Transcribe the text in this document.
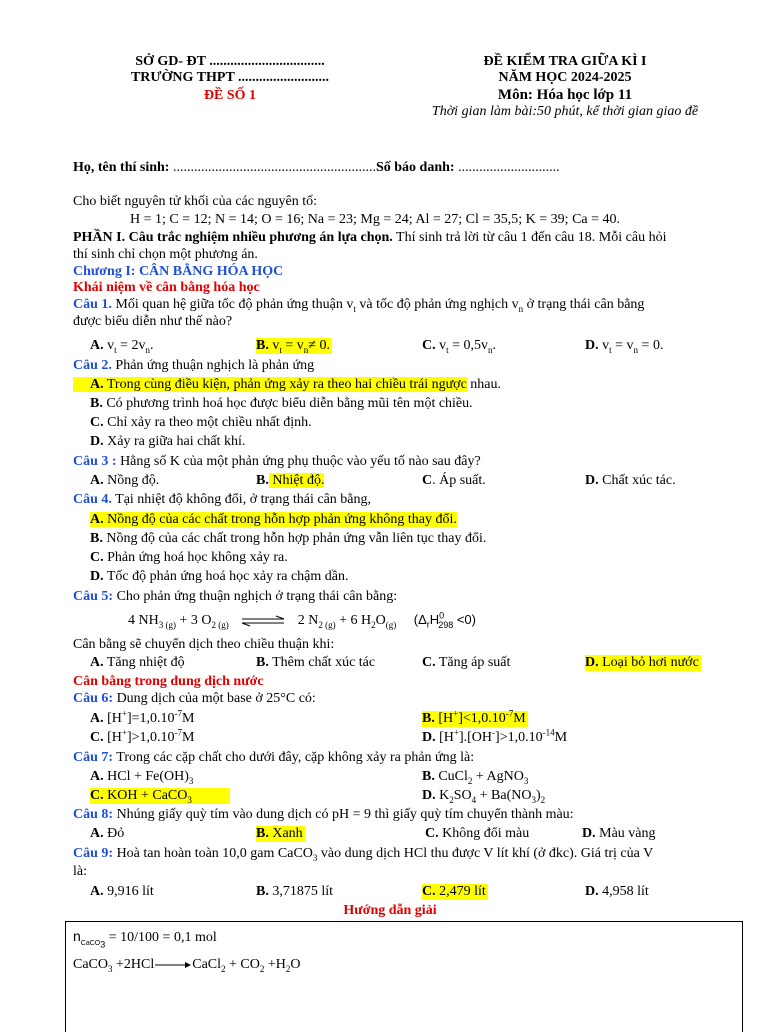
SỞ GD- ĐT .................................
TRƯỜNG THPT ..........................
ĐỀ SỐ 1
ĐỀ KIỂM TRA GIỮA KÌ I
NĂM HỌC 2024-2025
Môn: Hóa học lớp 11
Thời gian làm bài:50 phút, kể thời gian giao đề
Họ, tên thí sinh: ..........................................................Số báo danh: .............................
Cho biết nguyên tử khối của các nguyên tố:
H = 1; C = 12; N = 14; O = 16; Na = 23; Mg = 24; Al = 27; Cl = 35,5; K = 39; Ca = 40.
PHẦN I. Câu trắc nghiệm nhiều phương án lựa chọn. Thí sinh trả lời từ câu 1 đến câu 18. Mỗi câu hỏi
thí sinh chỉ chọn một phương án.
Chương I: CÂN BẰNG HÓA HỌC
Khái niệm về cân bằng hóa học
Câu 1. Mối quan hệ giữa tốc độ phản ứng thuận $v_t$ và tốc độ phản ứng nghịch $v_n$ ở trạng thái cân bằng
được biểu diễn như thế nào?
A. $v_t = 2v_n$.	B. $v_t = v_n\ne 0$.	C. $v_t = 0,5v_n$.	D. $v_t = v_n = 0$.
Câu 2. Phản ứng thuận nghịch là phản ứng
A. Trong cùng điều kiện, phản ứng xảy ra theo hai chiều trái ngược nhau.
B. Có phương trình hoá học được biểu diễn bằng mũi tên một chiều.
C. Chỉ xảy ra theo một chiều nhất định.
D. Xảy ra giữa hai chất khí.
Câu 3 : Hằng số K của một phản ứng phụ thuộc vào yếu tố nào sau đây?
A. Nồng độ.	B. Nhiệt độ.	C. Áp suất.	D. Chất xúc tác.
Câu 4. Tại nhiệt độ không đổi, ở trạng thái cân bằng,
A. Nồng độ của các chất trong hỗn hợp phản ứng không thay đổi.
B. Nồng độ của các chất trong hỗn hợp phản ứng vẫn liên tục thay đổi.
C. Phản ứng hoá học không xảy ra.
D. Tốc độ phản ứng hoá học xảy ra chậm dần.
Câu 5: Cho phản ứng thuận nghịch ở trạng thái cân bằng:
4 $NH_{3 (g)} + 3$ $O_{2 (g)}$ ⇌ 2 $N_{2 (g)} + 6$ $H_2O_{(g)}$ $(\Delta_rH^0_{298} <0)$
Cân bằng sẽ chuyển dịch theo chiều thuận khi:
A. Tăng nhiệt độ	B. Thêm chất xúc tác	C. Tăng áp suất	D. Loại bỏ hơi nước
Cân bằng trong dung dịch nước
Câu 6: Dung dịch của một base ở 25°C có:
A. $[H^+]=1,0.10^{-7}M$	B. $[H^+]<1,0.10^{-7}M$
C. $[H^+]>1,0.10^{-7}M$	D. $[H^+].[OH^-]>1,0.10^{-14}M$
Câu 7: Trong các cặp chất cho dưới đây, cặp không xảy ra phản ứng là:
A. HCl + $Fe(OH)_3$	B. CuCl$_2$ + AgNO$_3$
C. KOH + CaCO$_3$	D. $K_2SO_4 + Ba(NO_3)_2$
Câu 8: Nhúng giấy quỳ tím vào dung dịch có pH = 9 thì giấy quỳ tím chuyển thành màu:
A. Đỏ	B. Xanh	C. Không đổi màu	D. Màu vàng
Câu 9: Hoà tan hoàn toàn 10,0 gam CaCO$_3$ vào dung dịch HCl thu được V lít khí (ở đkc). Giá trị của V
là:
A. 9,916 lít	B. 3,71875 lít	C. 2,479 lít	D. 4,958 lít
Hướng dẫn giải
$n_{CaCO_3} = 10/100 = 0,1$ mol
CaCO$_3$ +2HCl→CaCl$_2$ + $CO_2 +H_2O$
